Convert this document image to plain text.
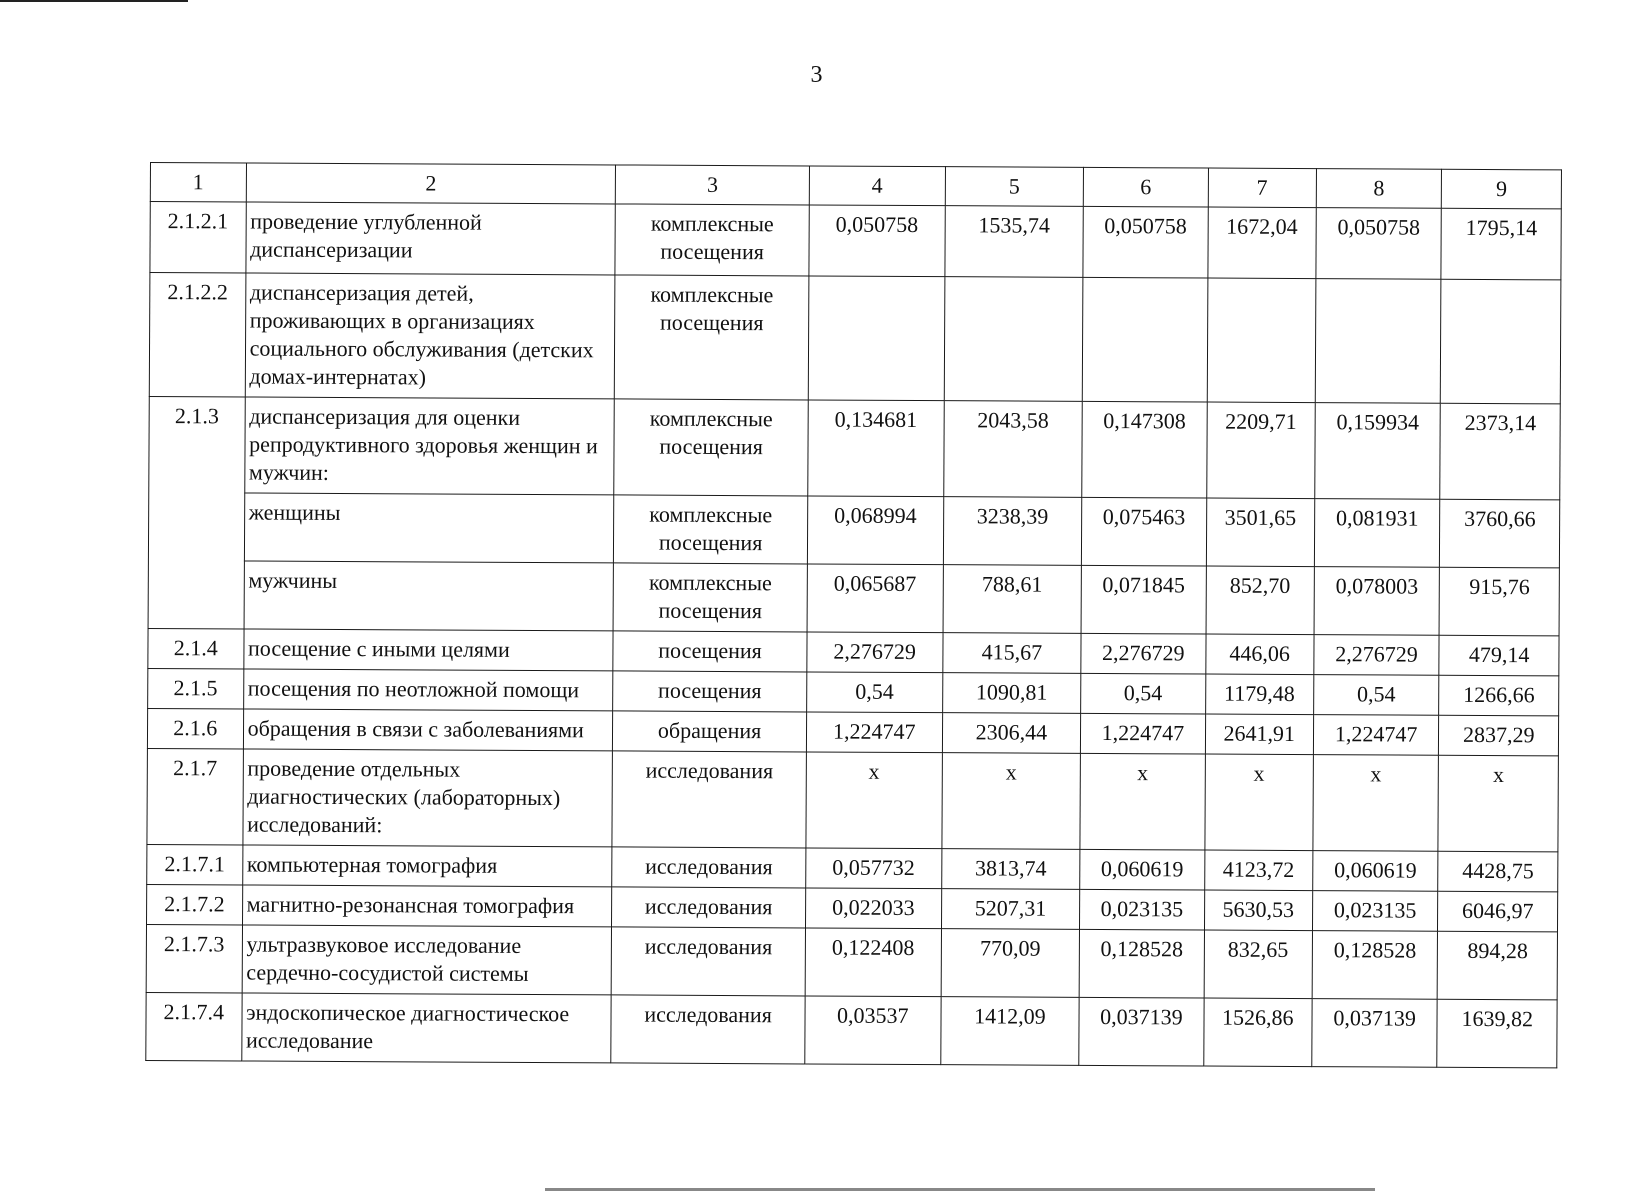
3
1	2	3	4	5	6	7	8	9
2.1.2.1	проведение углубленной диспансеризации	комплексные посещения	0,050758	1535,74	0,050758	1672,04	0,050758	1795,14
2.1.2.2	диспансеризация детей, проживающих в организациях социального обслуживания (детских домах-интернатах)	комплексные посещения						
2.1.3	диспансеризация для оценки репродуктивного здоровья женщин и мужчин:	комплексные посещения	0,134681	2043,58	0,147308	2209,71	0,159934	2373,14
	женщины	комплексные посещения	0,068994	3238,39	0,075463	3501,65	0,081931	3760,66
	мужчины	комплексные посещения	0,065687	788,61	0,071845	852,70	0,078003	915,76
2.1.4	посещение с иными целями	посещения	2,276729	415,67	2,276729	446,06	2,276729	479,14
2.1.5	посещения по неотложной помощи	посещения	0,54	1090,81	0,54	1179,48	0,54	1266,66
2.1.6	обращения в связи с заболеваниями	обращения	1,224747	2306,44	1,224747	2641,91	1,224747	2837,29
2.1.7	проведение отдельных диагностических (лабораторных) исследований:	исследования	х	х	х	х	х	х
2.1.7.1	компьютерная томография	исследования	0,057732	3813,74	0,060619	4123,72	0,060619	4428,75
2.1.7.2	магнитно-резонансная томография	исследования	0,022033	5207,31	0,023135	5630,53	0,023135	6046,97
2.1.7.3	ультразвуковое исследование сердечно-сосудистой системы	исследования	0,122408	770,09	0,128528	832,65	0,128528	894,28
2.1.7.4	эндоскопическое диагностическое исследование	исследования	0,03537	1412,09	0,037139	1526,86	0,037139	1639,82
